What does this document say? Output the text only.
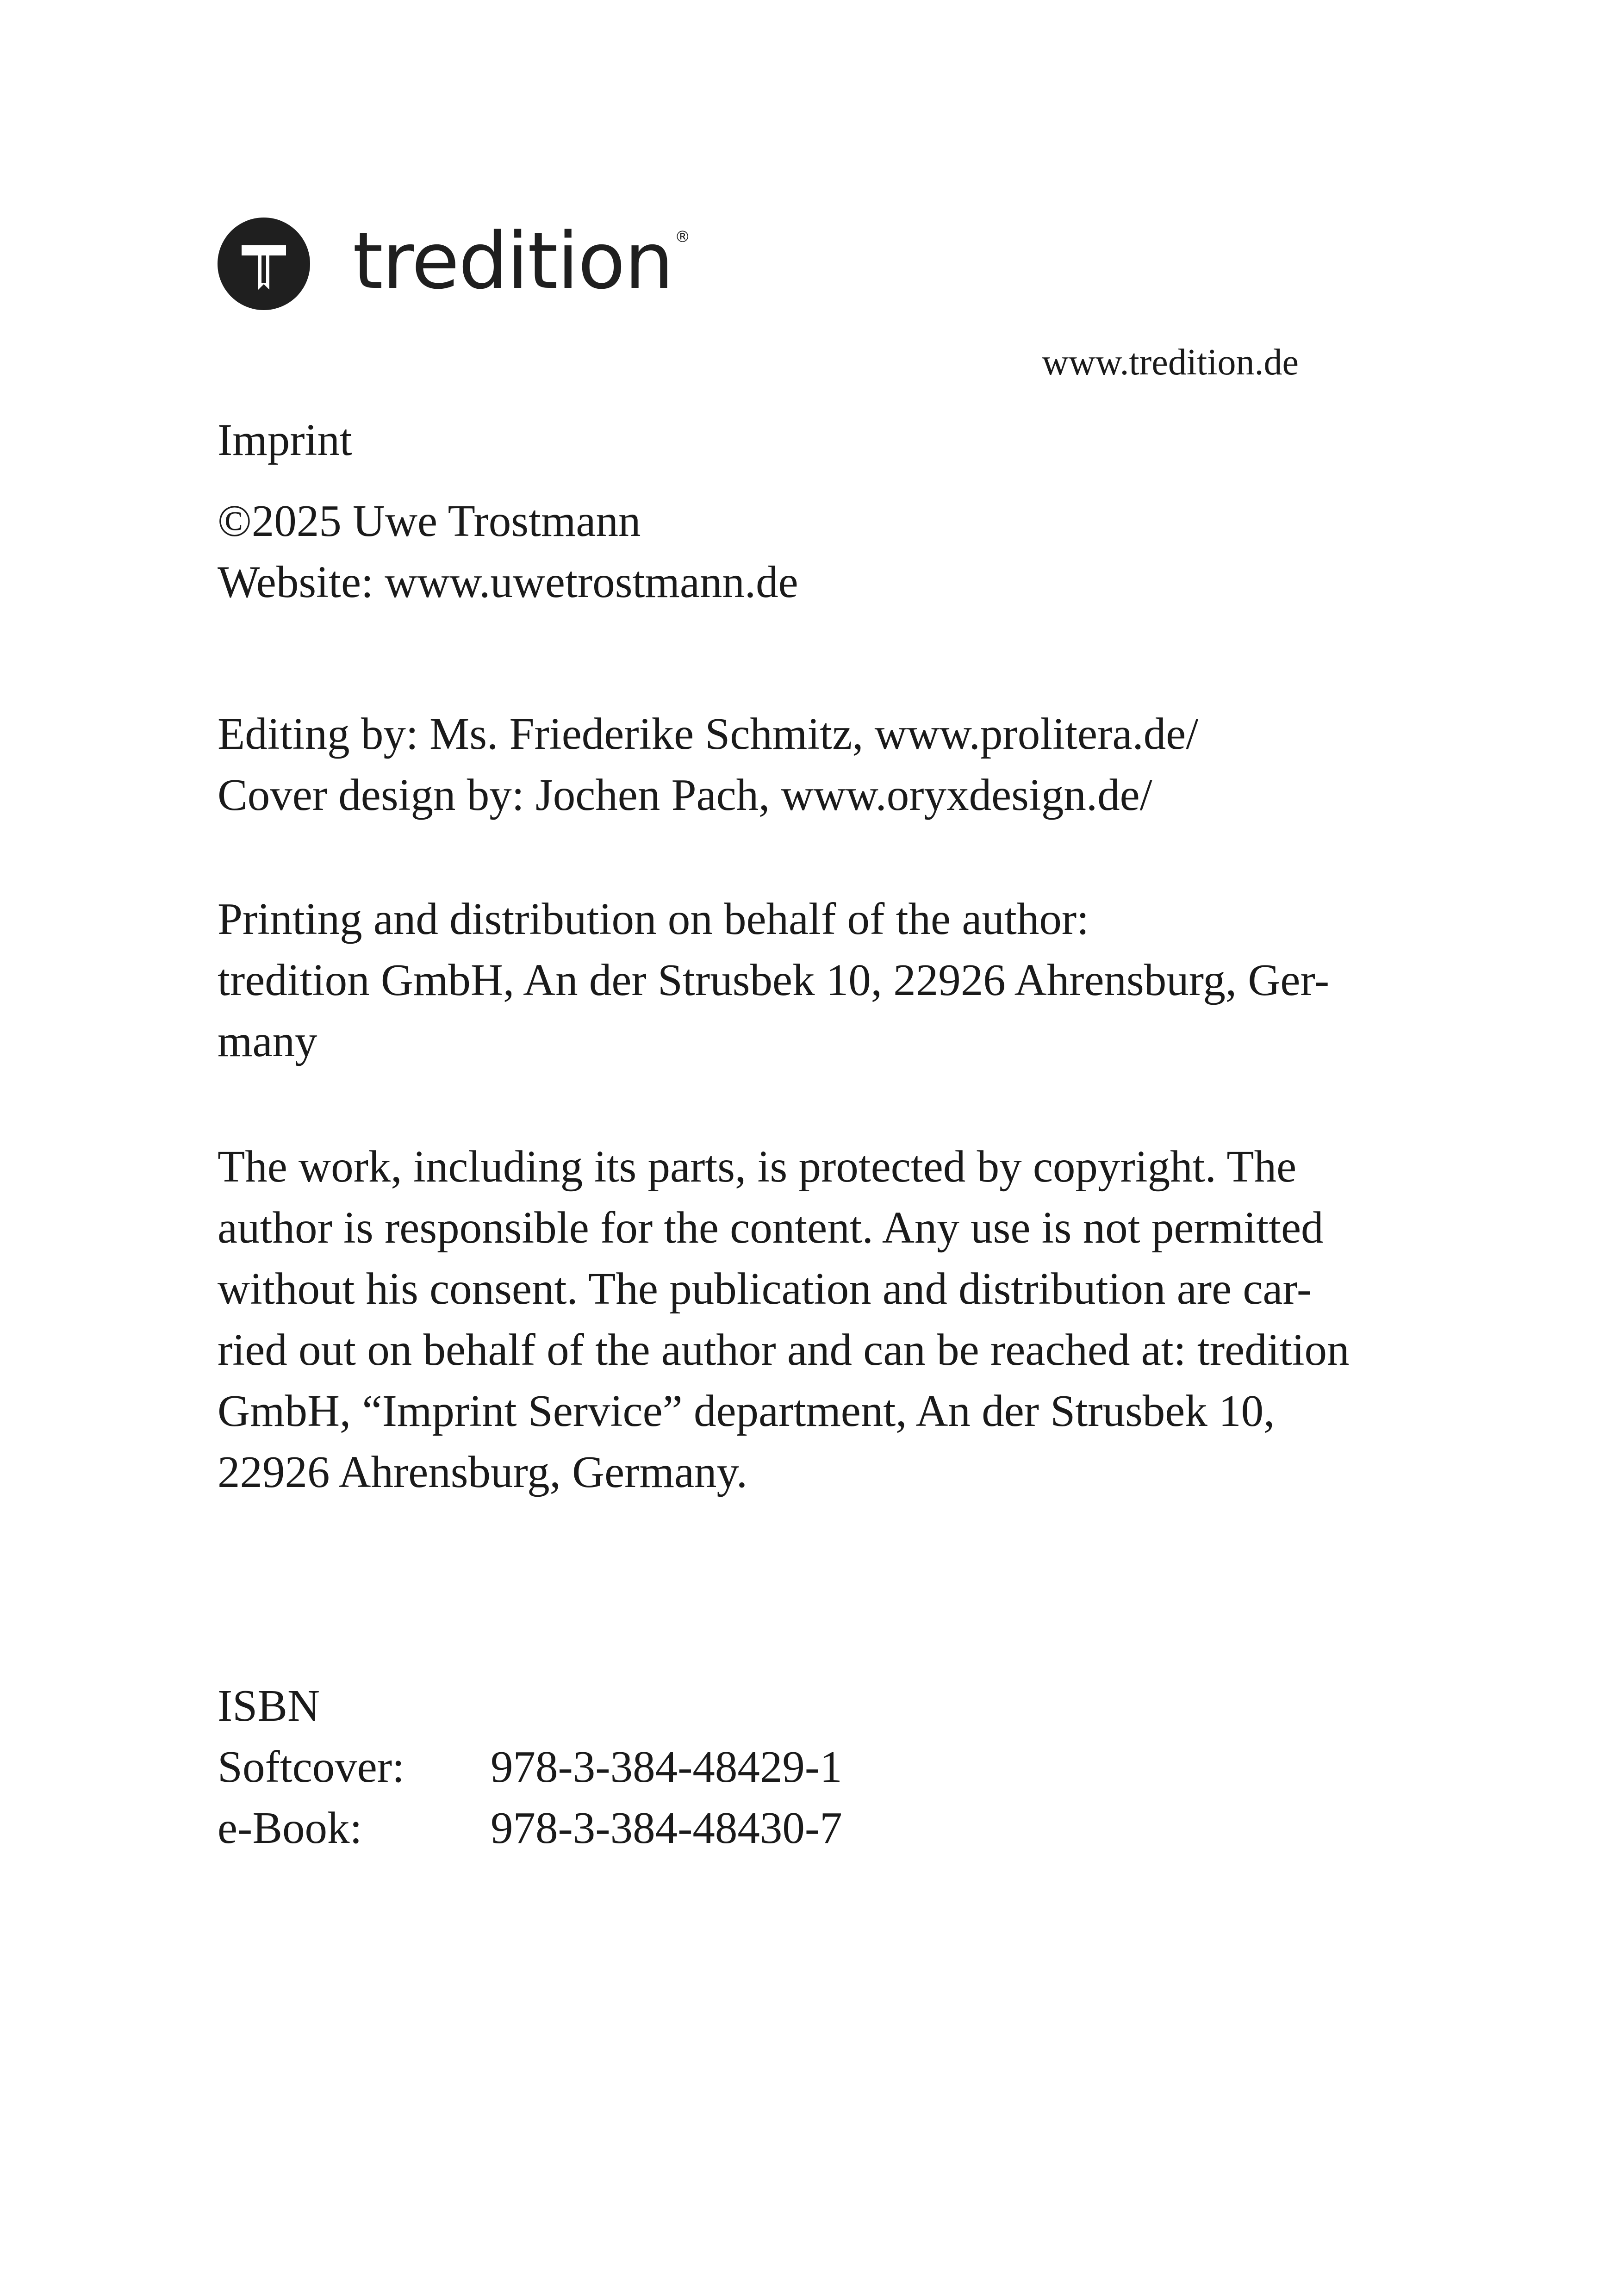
tredition ®
www.tredition.de
Imprint
©2025 Uwe Trostmann
Website: www.uwetrostmann.de
Editing by: Ms. Friederike Schmitz, www.prolitera.de/
Cover design by: Jochen Pach, www.oryxdesign.de/
Printing and distribution on behalf of the author:
tredition GmbH, An der Strusbek 10, 22926 Ahrensburg, Ger-
many
The work, including its parts, is protected by copyright. The
author is responsible for the content. Any use is not permitted
without his consent. The publication and distribution are car-
ried out on behalf of the author and can be reached at: tredition
GmbH, “Imprint Service” department, An der Strusbek 10,
22926 Ahrensburg, Germany.
ISBN
Softcover:	978-3-384-48429-1
e-Book:	978-3-384-48430-7
